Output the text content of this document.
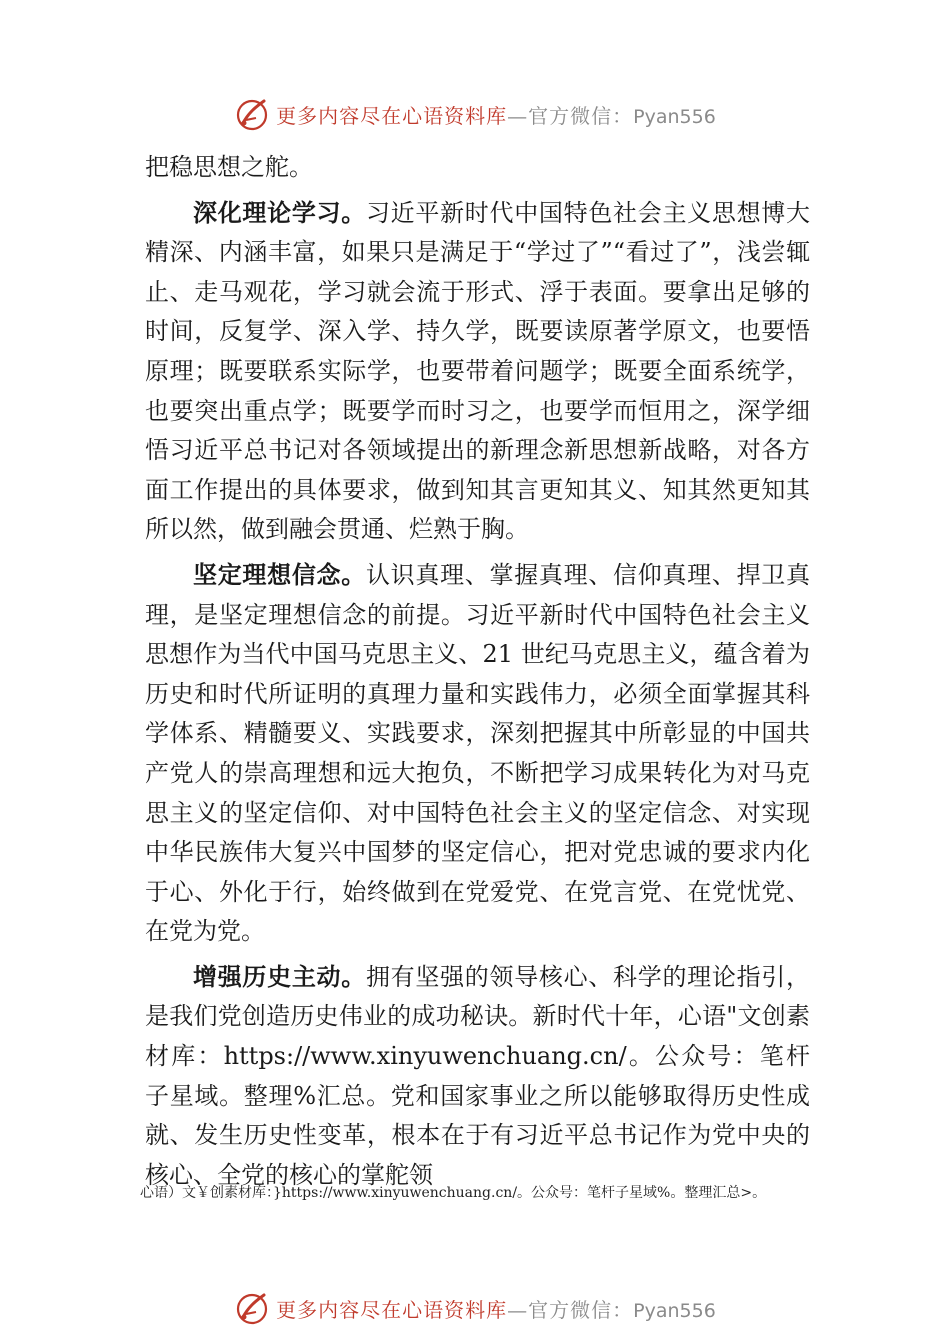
更多内容尽在心语资料库—官方微信：Pyan556

把稳思想之舵。

深化理论学习。习近平新时代中国特色社会主义思想博大精深、内涵丰富，如果只是满足于“学过了”“看过了”，浅尝辄止、走马观花，学习就会流于形式、浮于表面。要拿出足够的时间，反复学、深入学、持久学，既要读原著学原文，也要悟原理；既要联系实际学，也要带着问题学；既要全面系统学，也要突出重点学；既要学而时习之，也要学而恒用之，深学细悟习近平总书记对各领域提出的新理念新思想新战略，对各方面工作提出的具体要求，做到知其言更知其义、知其然更知其所以然，做到融会贯通、烂熟于胸。

坚定理想信念。认识真理、掌握真理、信仰真理、捍卫真理，是坚定理想信念的前提。习近平新时代中国特色社会主义思想作为当代中国马克思主义、21 世纪马克思主义，蕴含着为历史和时代所证明的真理力量和实践伟力，必须全面掌握其科学体系、精髓要义、实践要求，深刻把握其中所彰显的中国共产党人的崇高理想和远大抱负，不断把学习成果转化为对马克思主义的坚定信仰、对中国特色社会主义的坚定信念、对实现中华民族伟大复兴中国梦的坚定信心，把对党忠诚的要求内化于心、外化于行，始终做到在党爱党、在党言党、在党忧党、在党为党。

增强历史主动。拥有坚强的领导核心、科学的理论指引，是我们党创造历史伟业的成功秘诀。新时代十年，心语"文创素材库：https://www.xinyuwenchuang.cn/。公众号：笔杆子星域。整理%汇总。党和国家事业之所以能够取得历史性成就、发生历史性变革，根本在于有习近平总书记作为党中央的核心、全党的核心的掌舵领

心语）文￥创素材库：}https://www.xinyuwenchuang.cn/。公众号：笔杆子星域%。整理汇总>。
更多内容尽在心语资料库—官方微信：Pyan556
